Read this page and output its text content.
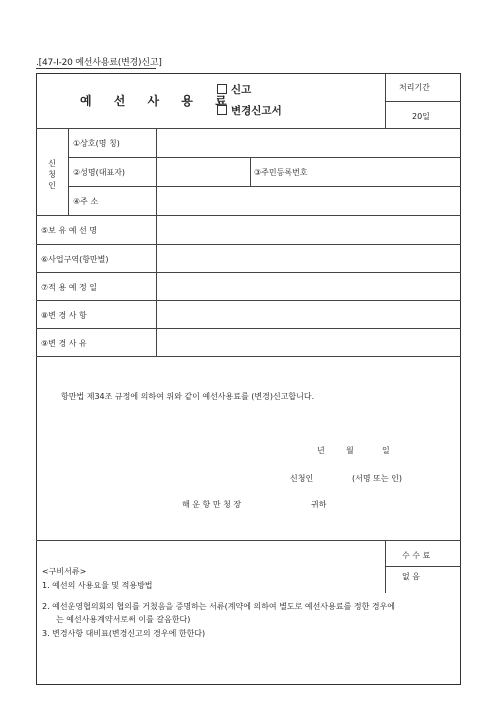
.[47-Ⅰ-20 예선사용료(변경)신고]
예 선 사 용 료
신고
변경신고서
처리기간
20일
신
청
인
①상호(명 칭)
②성명(대표자)	③주민등록번호
④주 소
⑤보 유 예 선 명
⑥사업구역(항만별)
⑦적 용 예 정 일
⑧변 경 사 항
⑨변 경 사 유
항만법 제34조 규정에 의하여 위와 같이 예선사용료를 (변경)신고합니다.
년	월	일
신청인	(서명 또는 인)
해 운 항 만 청 장	귀하
<구비서류>
1. 예선의 사용요율 및 적용방법
2. 예선운영협의회의 협의를 거쳤음을 증명하는 서류(계약에 의하여 별도로 예선사용료를 정한 경우에
는 예선사용계약서로써 이를 갈음한다)
3. 변경사항 대비표(변경신고의 경우에 한한다)
수 수 료
없 음
